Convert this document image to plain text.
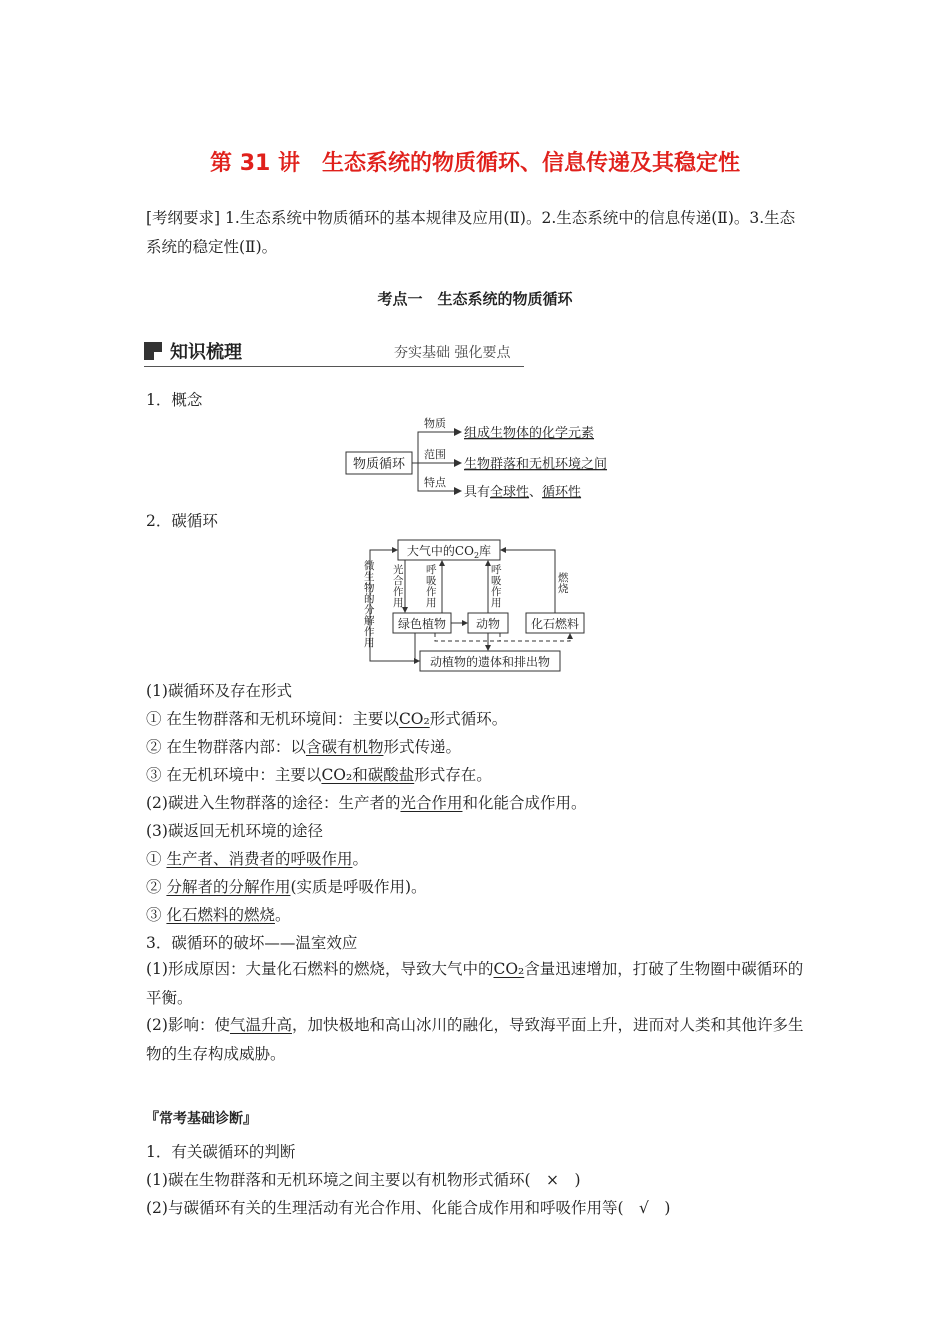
第 31 讲　生态系统的物质循环、信息传递及其稳定性
[考纲要求] 1.生态系统中物质循环的基本规律及应用(Ⅱ)。2.生态系统中的信息传递(Ⅱ)。3.生态系统的稳定性(Ⅱ)。
考点一　生态系统的物质循环
知识梳理	夯实基础 强化要点
1．概念
物质循环
物质
范围
特点
组成生物体的化学元素
生物群落和无机环境之间
具有全球性、循环性
2．碳循环
大气中的$CO_2$库
绿色植物 动物	化石燃料
动植物的遗体和排出物
微
生
物
的
分
解
作
用
光
合
作
用
呼
吸
作
用
呼
吸
作
用
燃
烧
(1)碳循环及存在形式
① 在生物群落和无机环境间：主要以CO₂形式循环。
② 在生物群落内部：以含碳有机物形式传递。
③ 在无机环境中：主要以CO₂和碳酸盐形式存在。
(2)碳进入生物群落的途径：生产者的光合作用和化能合成作用。
(3)碳返回无机环境的途径
① 生产者、消费者的呼吸作用。
② 分解者的分解作用(实质是呼吸作用)。
③ 化石燃料的燃烧。
3．碳循环的破坏——温室效应
(1)形成原因：大量化石燃料的燃烧，导致大气中的CO₂含量迅速增加，打破了生物圈中碳循环的平衡。
(2)影响：使气温升高，加快极地和高山冰川的融化，导致海平面上升，进而对人类和其他许多生物的生存构成威胁。
『常考基础诊断』
1．有关碳循环的判断
(1)碳在生物群落和无机环境之间主要以有机物形式循环(　×　)
(2)与碳循环有关的生理活动有光合作用、化能合成作用和呼吸作用等(　√　)
